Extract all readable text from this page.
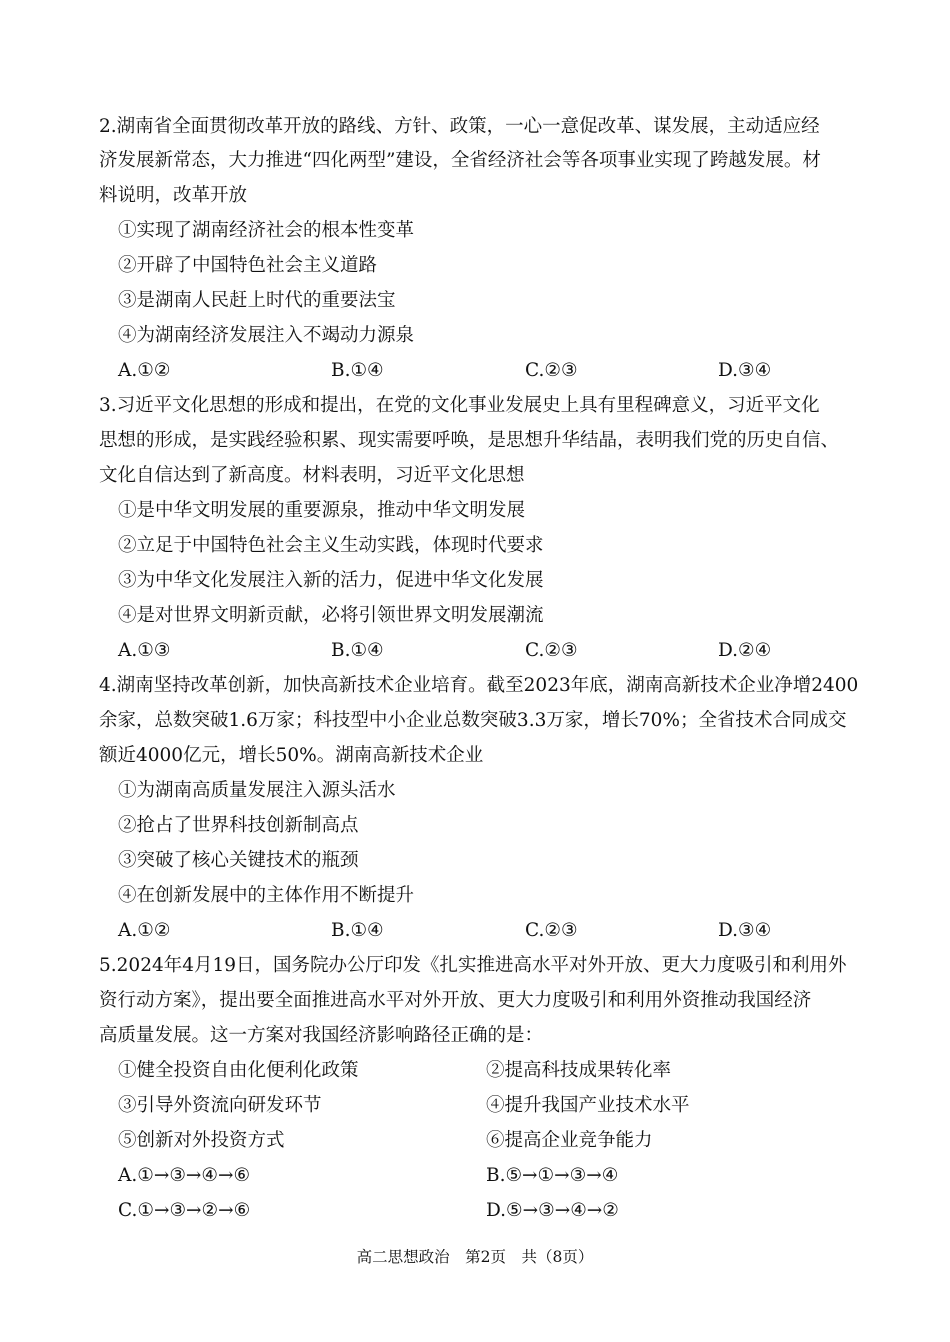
2.湖南省全面贯彻改革开放的路线、方针、政策，一心一意促改革、谋发展，主动适应经
济发展新常态，大力推进“四化两型”建设，全省经济社会等各项事业实现了跨越发展。材
料说明，改革开放
①实现了湖南经济社会的根本性变革
②开辟了中国特色社会主义道路
③是湖南人民赶上时代的重要法宝
④为湖南经济发展注入不竭动力源泉
A.①②	B.①④	C.②③	D.③④
3.习近平文化思想的形成和提出，在党的文化事业发展史上具有里程碑意义，习近平文化
思想的形成，是实践经验积累、现实需要呼唤，是思想升华结晶，表明我们党的历史自信、
文化自信达到了新高度。材料表明，习近平文化思想
①是中华文明发展的重要源泉，推动中华文明发展
②立足于中国特色社会主义生动实践，体现时代要求
③为中华文化发展注入新的活力，促进中华文化发展
④是对世界文明新贡献，必将引领世界文明发展潮流
A.①③	B.①④	C.②③	D.②④
4.湖南坚持改革创新，加快高新技术企业培育。截至2023年底，湖南高新技术企业净增2400
余家，总数突破1.6万家；科技型中小企业总数突破3.3万家，增长70%；全省技术合同成交
额近4000亿元，增长50%。湖南高新技术企业
①为湖南高质量发展注入源头活水
②抢占了世界科技创新制高点
③突破了核心关键技术的瓶颈
④在创新发展中的主体作用不断提升
A.①②	B.①④	C.②③	D.③④
5.2024年4月19日，国务院办公厅印发《扎实推进高水平对外开放、更大力度吸引和利用外
资行动方案》，提出要全面推进高水平对外开放、更大力度吸引和利用外资推动我国经济
高质量发展。这一方案对我国经济影响路径正确的是：
①健全投资自由化便利化政策	②提高科技成果转化率
③引导外资流向研发环节	④提升我国产业技术水平
⑤创新对外投资方式	⑥提高企业竞争能力
A.①→③→④→⑥	B.⑤→①→③→④
C.①→③→②→⑥	D.⑤→③→④→②
高二思想政治　第2页　共（8页）
